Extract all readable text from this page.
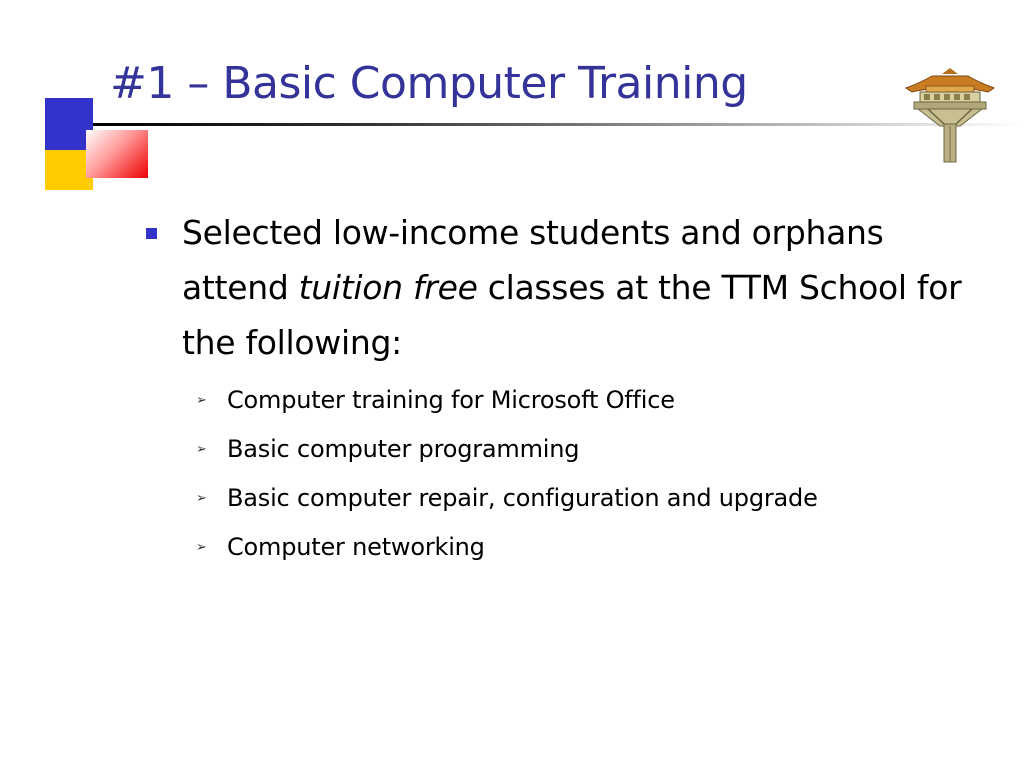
#1 – Basic Computer Training
Selected low-income students and orphans attend tuition free classes at the TTM School for the following:
➢ Computer training for Microsoft Office
➢ Basic computer programming
➢ Basic computer repair, configuration and upgrade
➢ Computer networking
